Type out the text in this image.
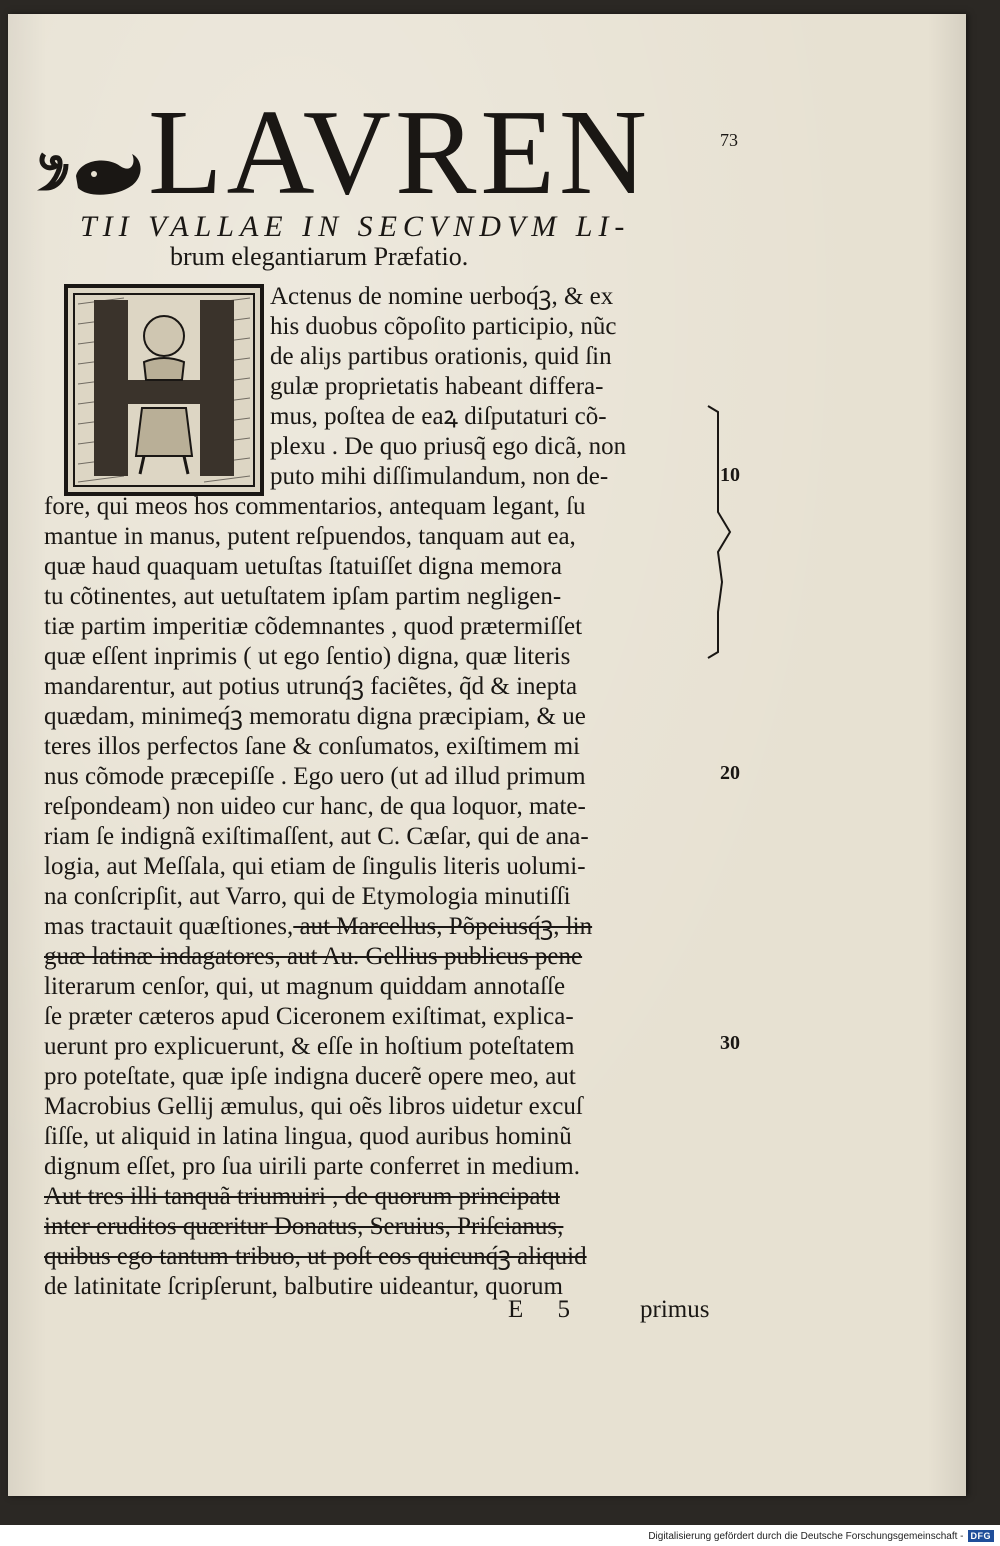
LAVREN	73
TII VALLAE IN SECVNDVM LI-
brum elegantiarum Præfatio.
Actenus de nomine uerboq́ꝫ, & ex
his duobus cõpoſito participio, nũc
de aliȷs partibus orationis, quid ſin
gulæ proprietatis habeant differa-
mus, poſtea de eaꝝ diſputaturi cõ-
plexu . De quo priusq̃ ego dicã, non
puto mihi diſſimulandum, non de-
fore, qui meos hos commentarios, antequam legant, ſu
mantue in manus, putent reſpuendos, tanquam aut ea,
quæ haud quaquam uetuſtas ſtatuiſſet digna memora
tu cõtinentes, aut uetuſtatem ipſam partim negligen-
tiæ partim imperitiæ cõdemnantes , quod prætermiſſet
quæ eſſent inprimis ( ut ego ſentio) digna, quæ literis
mandarentur, aut potius utrunq́ꝫ faciẽtes, q̃d & inepta
quædam, minimeq́ꝫ memoratu digna præcipiam, & ue
teres illos perfectos ſane & conſumatos, exiſtimem mi
nus cõmode præcepiſſe . Ego uero (ut ad illud primum
reſpondeam) non uideo cur hanc, de qua loquor, mate-
riam ſe indignã exiſtimaſſent, aut C. Cæſar, qui de ana-
logia, aut Meſſala, qui etiam de ſingulis literis uolumi-
na conſcripſit, aut Varro, qui de Etymologia minutiſſi
mas tractauit quæſtiones, aut Marcellus, Põpeiusq́ꝫ, lin
guæ latinæ indagatores, aut Au. Gellius publicus pene
literarum cenſor, qui, ut magnum quiddam annotaſſe
ſe præter cæteros apud Ciceronem exiſtimat, explica-
uerunt pro explicuerunt, & eſſe in hoſtium poteſtatem
pro poteſtate, quæ ipſe indigna ducerẽ opere meo, aut
Macrobius Gellij æmulus, qui oẽs libros uidetur excuſ
ſiſſe, ut aliquid in latina lingua, quod auribus hominũ
dignum eſſet, pro ſua uirili parte conferret in medium.
Aut tres illi tanquã triumuiri , de quorum principatu
inter eruditos quæritur Donatus, Seruius, Priſcianus,
quibus ego tantum tribuo, ut poſt eos quicunq́ꝫ aliquid
de latinitate ſcripſerunt, balbutire uideantur, quorum
10
20
30
E 5 primus
Digitalisierung gefördert durch die Deutsche Forschungsgemeinschaft - DFG
